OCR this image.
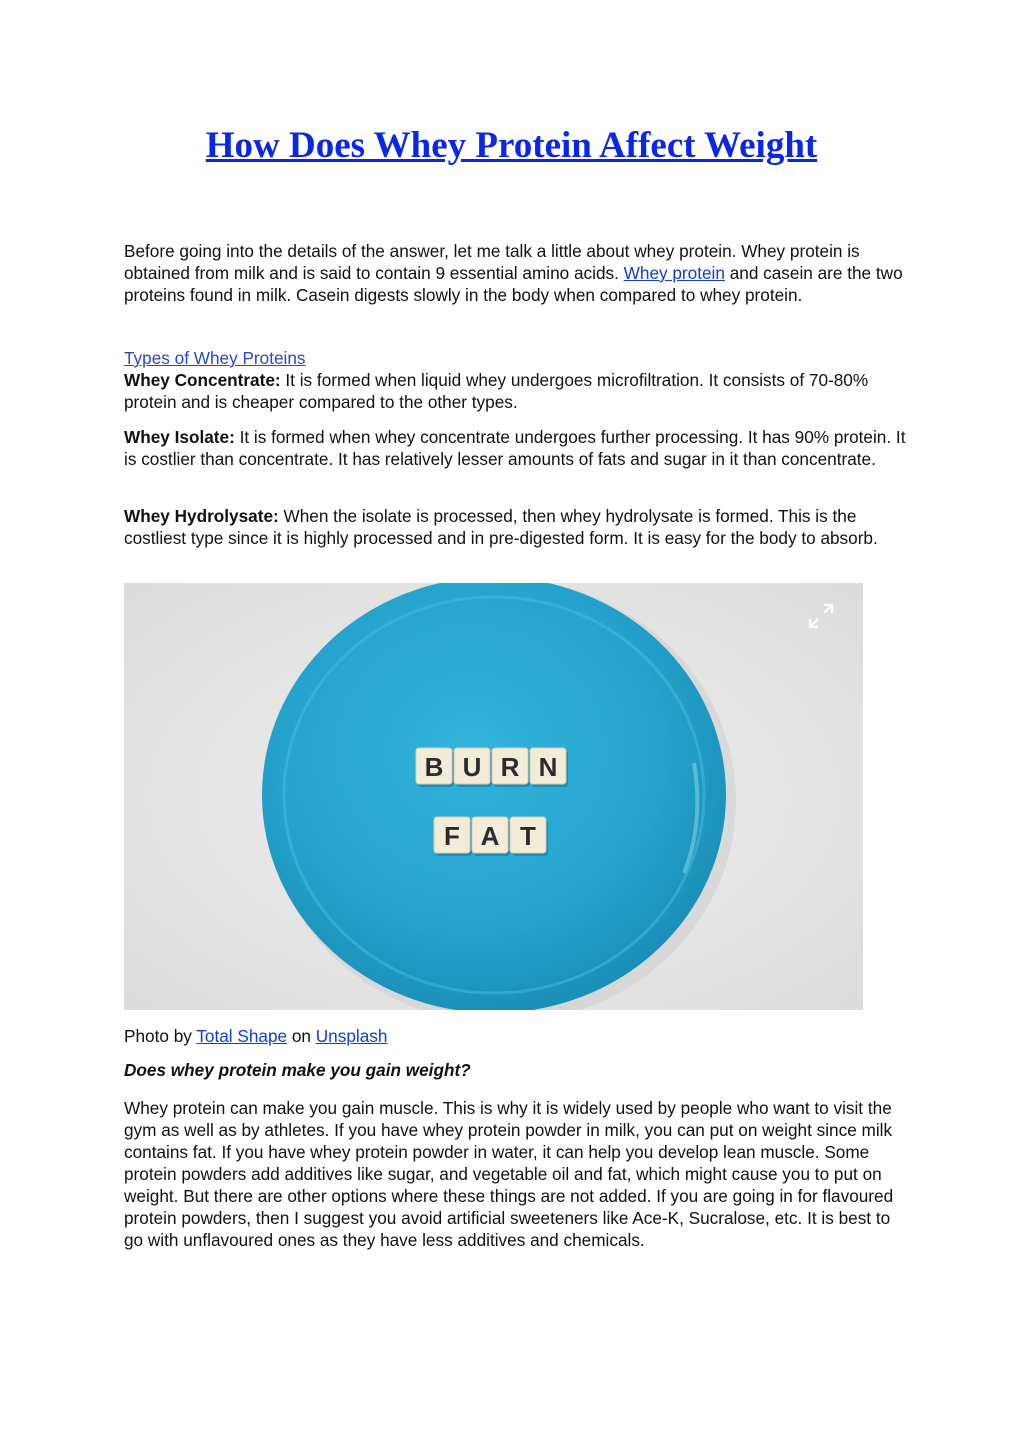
How Does Whey Protein Affect Weight
Before going into the details of the answer, let me talk a little about whey protein. Whey protein is obtained from milk and is said to contain 9 essential amino acids. Whey protein and casein are the two proteins found in milk. Casein digests slowly in the body when compared to whey protein.
Types of Whey Proteins
Whey Concentrate: It is formed when liquid whey undergoes microfiltration. It consists of 70-80% protein and is cheaper compared to the other types.
Whey Isolate: It is formed when whey concentrate undergoes further processing. It has 90% protein. It is costlier than concentrate. It has relatively lesser amounts of fats and sugar in it than concentrate.
Whey Hydrolysate: When the isolate is processed, then whey hydrolysate is formed. This is the costliest type since it is highly processed and in pre-digested form. It is easy for the body to absorb.
B U R N
F A T
Photo by Total Shape on Unsplash
Does whey protein make you gain weight?
Whey protein can make you gain muscle. This is why it is widely used by people who want to visit the gym as well as by athletes. If you have whey protein powder in milk, you can put on weight since milk contains fat. If you have whey protein powder in water, it can help you develop lean muscle. Some protein powders add additives like sugar, and vegetable oil and fat, which might cause you to put on weight. But there are other options where these things are not added. If you are going in for flavoured protein powders, then I suggest you avoid artificial sweeteners like Ace-K, Sucralose, etc. It is best to go with unflavoured ones as they have less additives and chemicals.
